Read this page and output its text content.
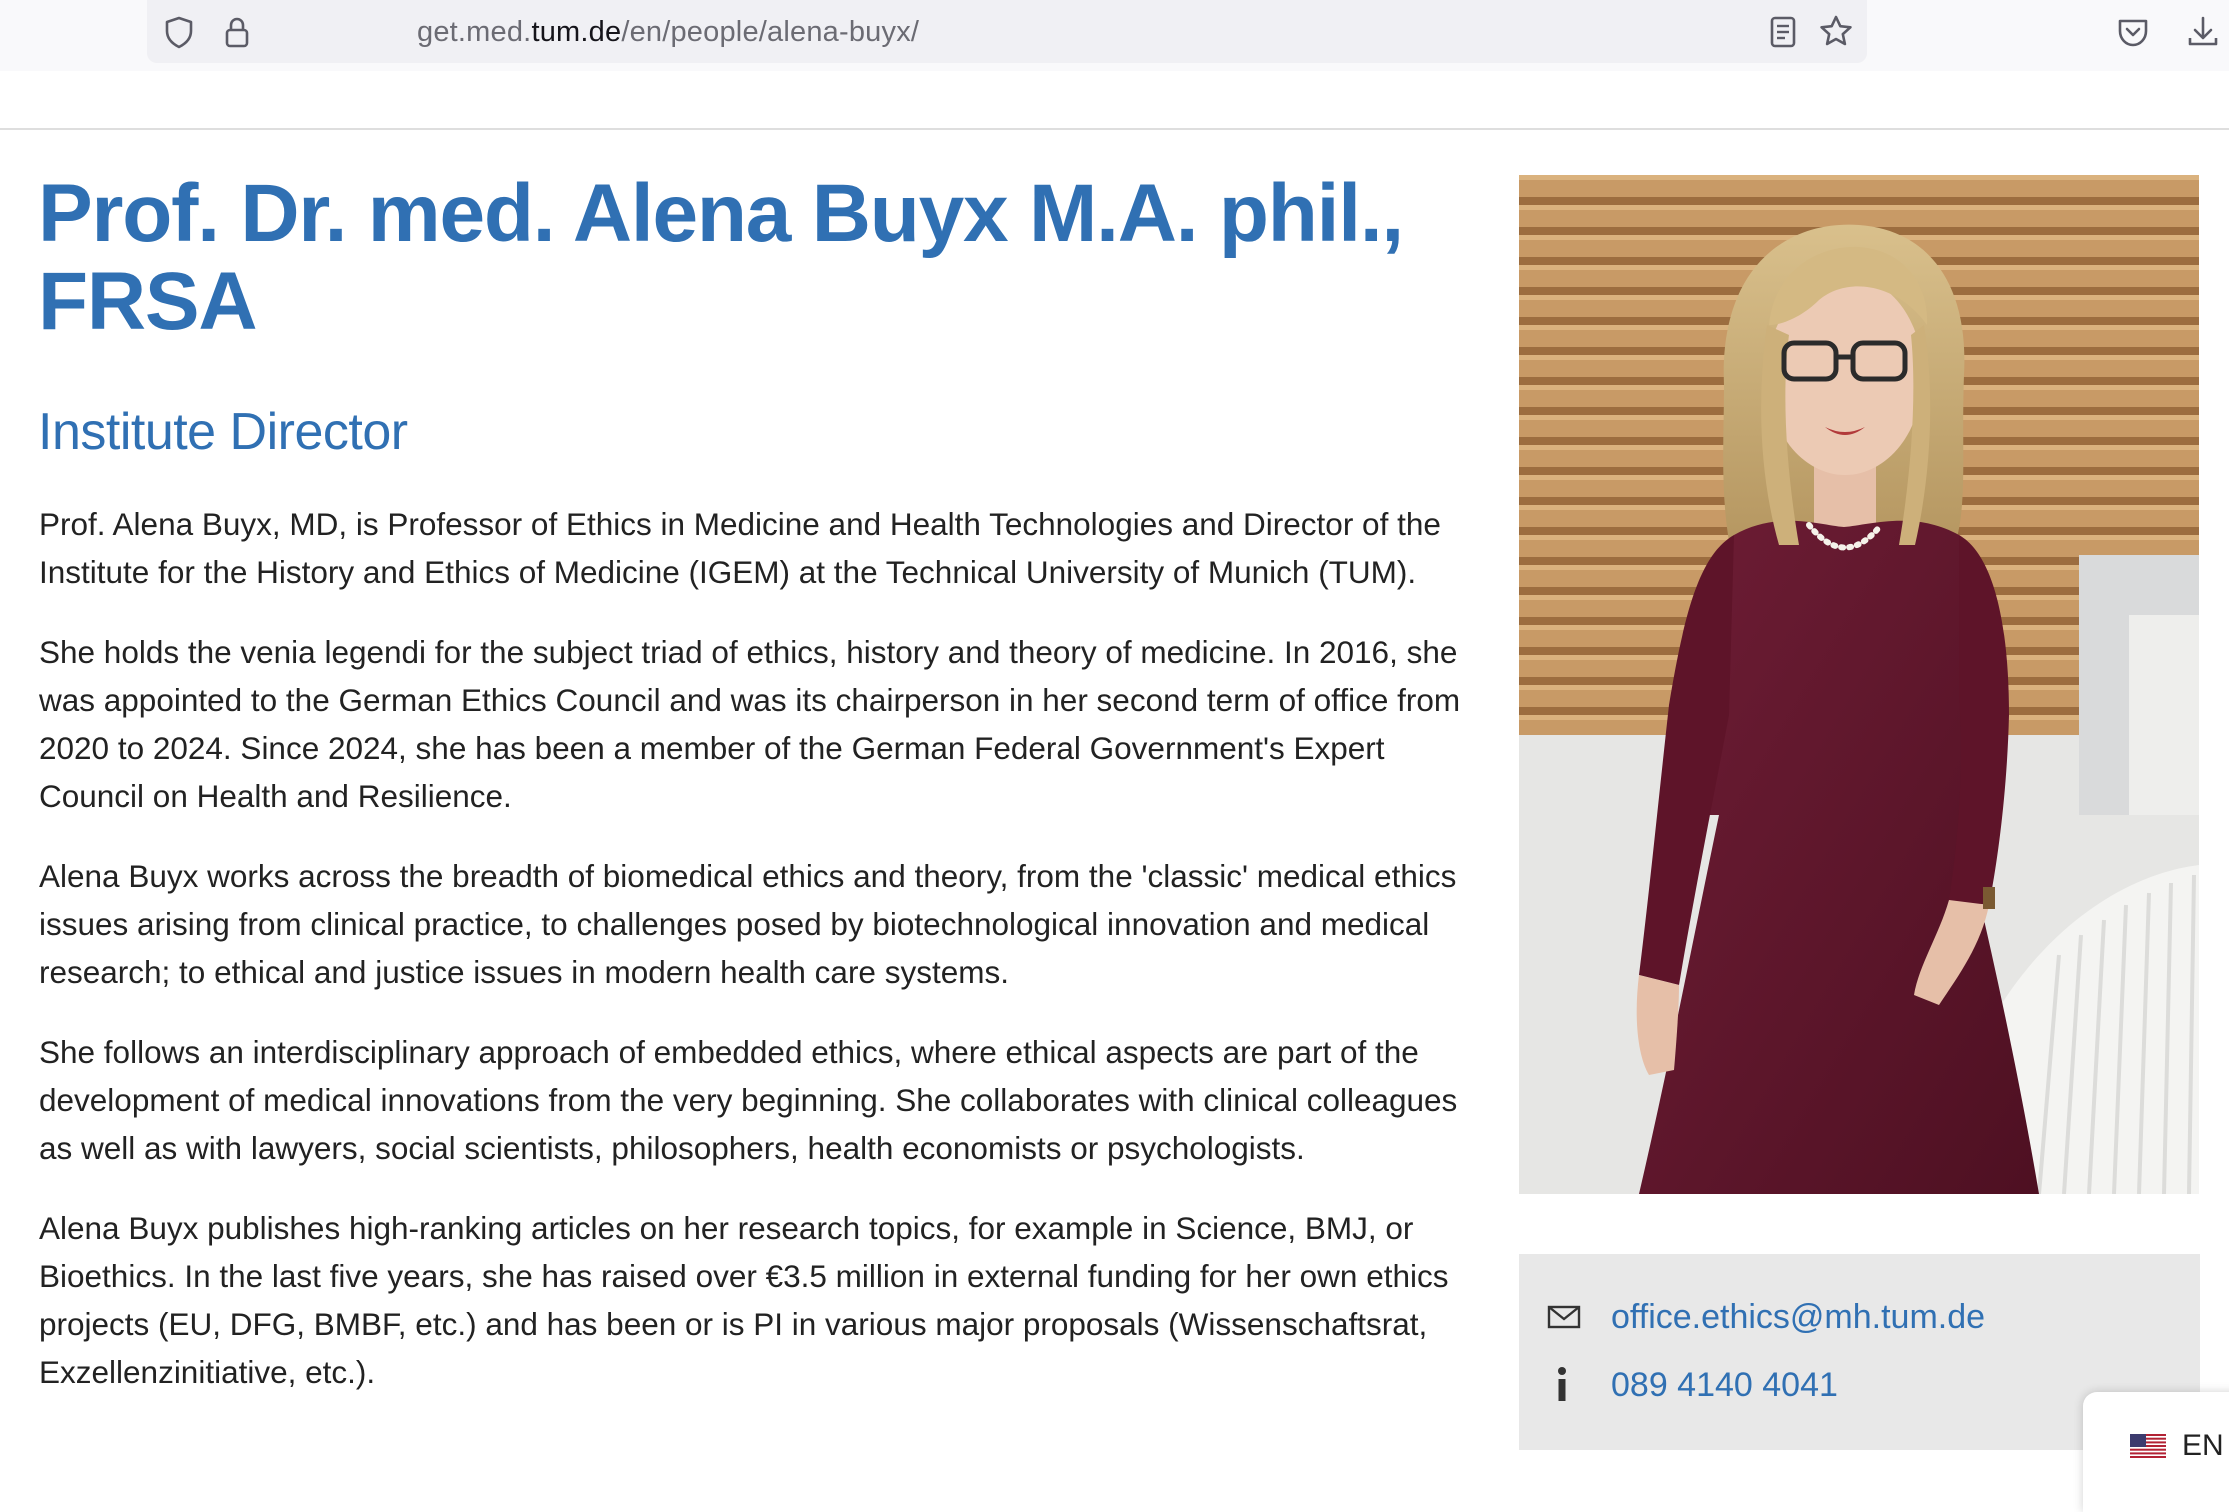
get.med.tum.de/en/people/alena-buyx/
Prof. Dr. med. Alena Buyx M.A. phil., FRSA
Institute Director

Prof. Alena Buyx, MD, is Professor of Ethics in Medicine and Health Technologies and Director of the Institute for the History and Ethics of Medicine (IGEM) at the Technical University of Munich (TUM).

She holds the venia legendi for the subject triad of ethics, history and theory of medicine. In 2016, she was appointed to the German Ethics Council and was its chairperson in her second term of office from 2020 to 2024. Since 2024, she has been a member of the German Federal Government's Expert Council on Health and Resilience.

Alena Buyx works across the breadth of biomedical ethics and theory, from the 'classic' medical ethics issues arising from clinical practice, to challenges posed by biotechnological innovation and medical research; to ethical and justice issues in modern health care systems.

She follows an interdisciplinary approach of embedded ethics, where ethical aspects are part of the development of medical innovations from the very beginning. She collaborates with clinical colleagues as well as with lawyers, social scientists, philosophers, health economists or psychologists.

Alena Buyx publishes high-ranking articles on her research topics, for example in Science, BMJ, or Bioethics. In the last five years, she has raised over €3.5 million in external funding for her own ethics projects (EU, DFG, BMBF, etc.) and has been or is PI in various major proposals (Wissenschaftsrat, Exzellenzinitiative, etc.).

office.ethics@mh.tum.de
089 4140 4041
EN
